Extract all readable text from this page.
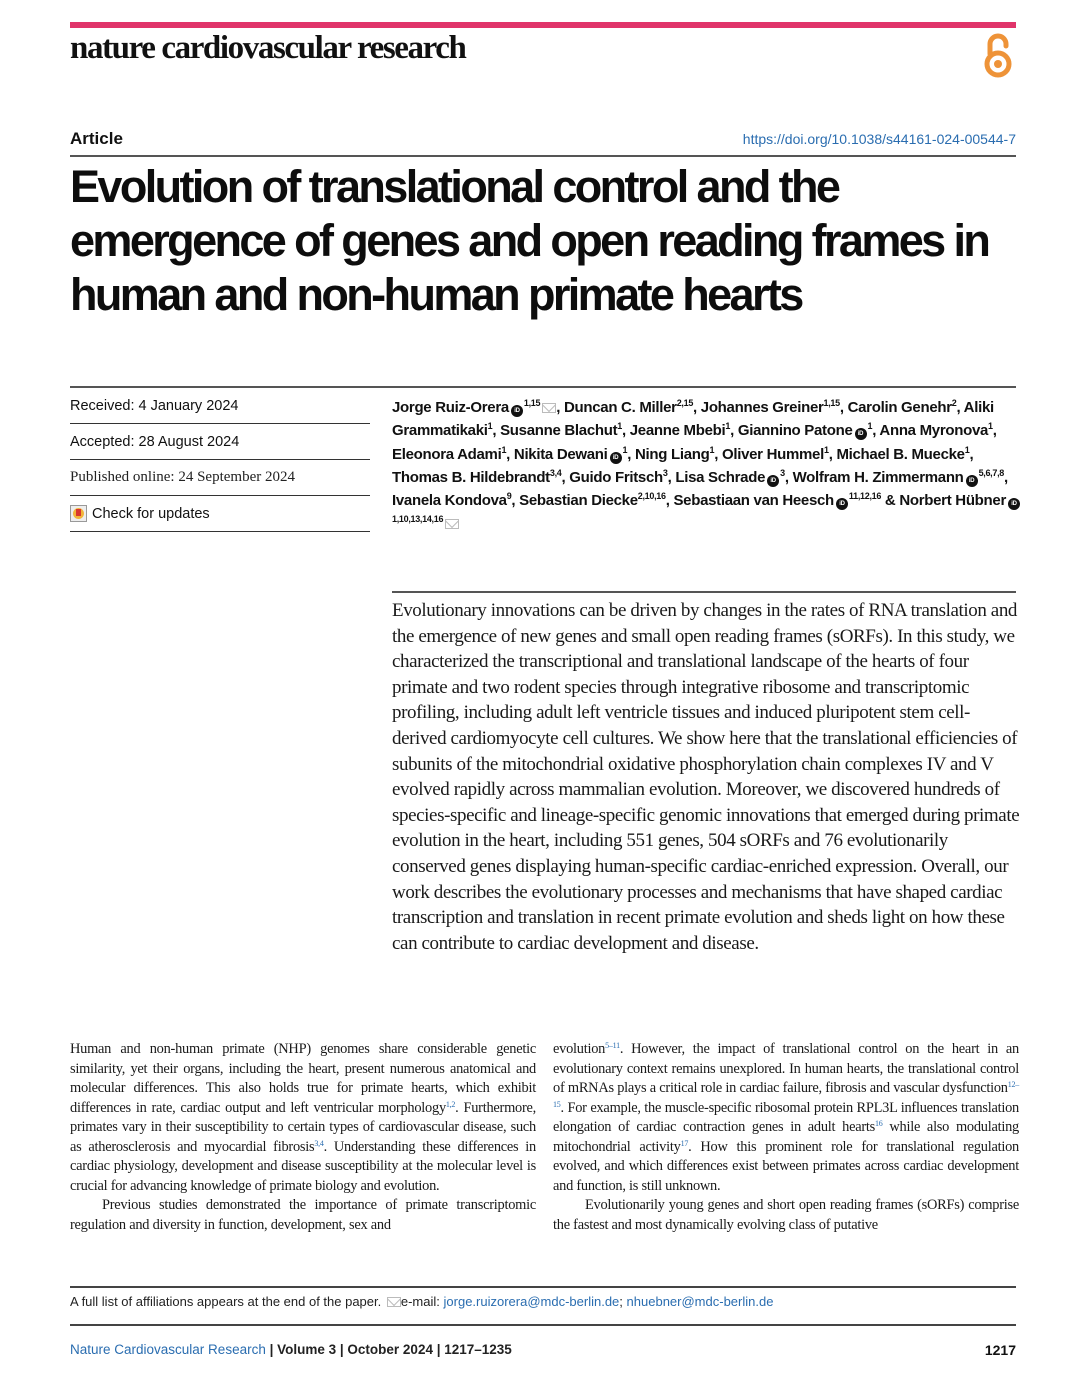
nature cardiovascular research
Article	https://doi.org/10.1038/s44161-024-00544-7
Evolution of translational control and the emergence of genes and open reading frames in human and non-human primate hearts
Received: 4 January 2024
Accepted: 28 August 2024
Published online: 24 September 2024
Check for updates
Jorge Ruiz-Orera iD$^{1,15}$ , Duncan C. Miller$^{2,15}$, Johannes Greiner$^{1,15}$, Carolin Genehr$^2$, Aliki Grammatikaki$^1$, Susanne Blachut$^1$, Jeanne Mbebi$^1$, Giannino Patone $iD^1$, Anna Myronova$^1$, Eleonora Adami$^1$, Nikita Dewani $iD^1$, Ning Liang$^1$, Oliver Hummel$^1$, Michael B. Muecke$^1$, Thomas B. Hildebrandt$^{3,4}$, Guido Fritsch$^3$, Lisa Schrade $iD^3$, Wolfram H. Zimmermann iD$^{5,6,7,8}$, Ivanela Kondova$^9$, Sebastian Diecke$^{2,10,16}$, Sebastiaan van Heesch iD$^{11,12,16}$ & Norbert Hübner iD$^{1,10,13,14,16}$

Evolutionary innovations can be driven by changes in the rates of RNA translation and the emergence of new genes and small open reading frames (sORFs). In this study, we characterized the transcriptional and translational landscape of the hearts of four primate and two rodent species through integrative ribosome and transcriptomic profiling, including adult left ventricle tissues and induced pluripotent stem cell-derived cardiomyocyte cell cultures. We show here that the translational efficiencies of subunits of the mitochondrial oxidative phosphorylation chain complexes IV and V evolved rapidly across mammalian evolution. Moreover, we discovered hundreds of species-specific and lineage-specific genomic innovations that emerged during primate evolution in the heart, including 551 genes, 504 sORFs and 76 evolutionarily conserved genes displaying human-specific cardiac-enriched expression. Overall, our work describes the evolutionary processes and mechanisms that have shaped cardiac transcription and translation in recent primate evolution and sheds light on how these can contribute to cardiac development and disease.

Human and non-human primate (NHP) genomes share considerable genetic similarity, yet their organs, including the heart, present numerous anatomical and molecular differences. This also holds true for primate hearts, which exhibit differences in rate, cardiac output and left ventricular morphology$^{1,2}$. Furthermore, primates vary in their susceptibility to certain types of cardiovascular disease, such as atherosclerosis and myocardial fibrosis$^{3,4}$. Understanding these differences in cardiac physiology, development and disease susceptibility at the molecular level is crucial for advancing knowledge of primate biology and evolution.

Previous studies demonstrated the importance of primate transcriptomic regulation and diversity in function, development, sex and

evolution$^{5-11}$. However, the impact of translational control on the heart in an evolutionary context remains unexplored. In human hearts, the translational control of mRNAs plays a critical role in cardiac failure, fibrosis and vascular dysfunction$^{12-15}$. For example, the muscle-specific ribosomal protein RPL3L influences translation elongation of cardiac contraction genes in adult hearts$^{16}$ while also modulating mitochondrial activity$^{17}$. How this prominent role for translational regulation evolved, and which differences exist between primates across cardiac development and function, is still unknown.

Evolutionarily young genes and short open reading frames (sORFs) comprise the fastest and most dynamically evolving class of putative

A full list of affiliations appears at the end of the paper. e-mail: jorge.ruizorera@mdc-berlin.de; nhuebner@mdc-berlin.de
Nature Cardiovascular Research | Volume 3 | October 2024 | 1217–1235	1217
